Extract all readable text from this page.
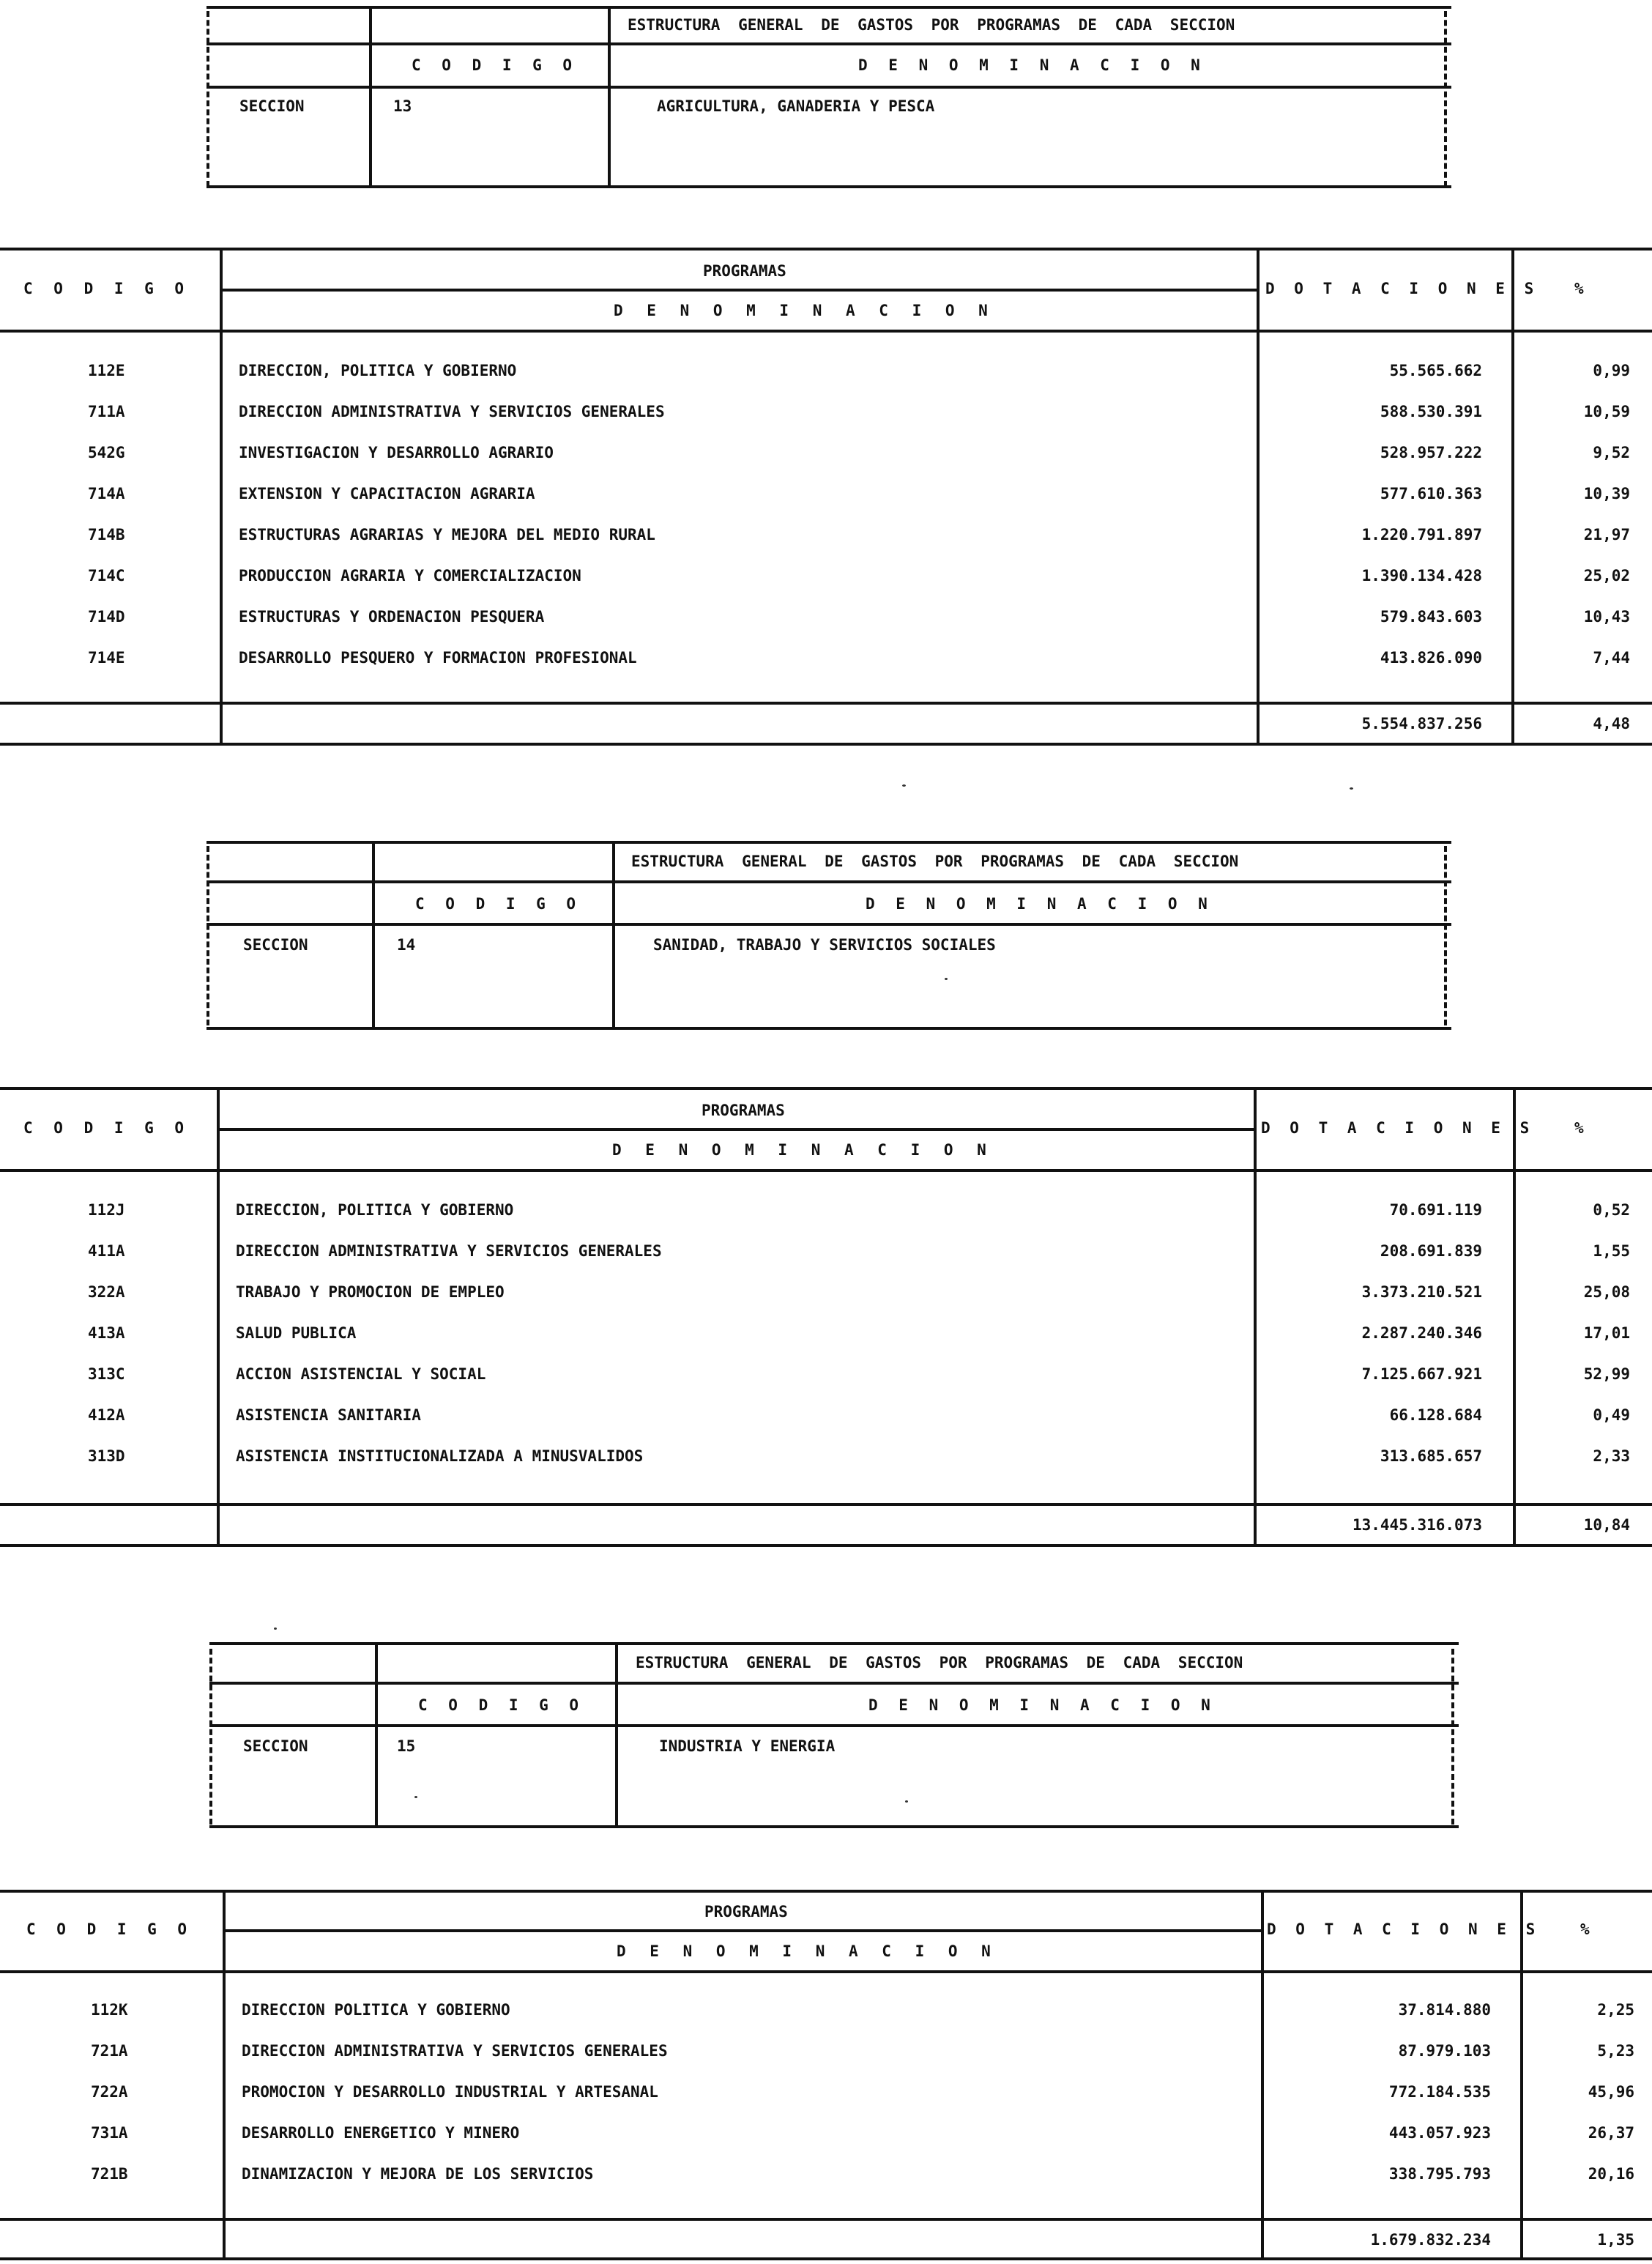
ESTRUCTURA GENERAL DE GASTOS POR PROGRAMAS DE CADA SECCION
C O D I G O	D E N O M I N A C I O N
SECCION	13	AGRICULTURA, GANADERIA Y PESCA
C O D I G O
PROGRAMAS
D E N O M I N A C I O N
D O T A C I O N E S %
112E	DIRECCION, POLITICA Y GOBIERNO	55.565.662	0,99
711A	DIRECCION ADMINISTRATIVA Y SERVICIOS GENERALES	588.530.391	10,59
542G	INVESTIGACION Y DESARROLLO AGRARIO	528.957.222	9,52
714A	EXTENSION Y CAPACITACION AGRARIA	577.610.363	10,39
714B	ESTRUCTURAS AGRARIAS Y MEJORA DEL MEDIO RURAL	1.220.791.897	21,97
714C	PRODUCCION AGRARIA Y COMERCIALIZACION	1.390.134.428	25,02
714D	ESTRUCTURAS Y ORDENACION PESQUERA	579.843.603	10,43
714E	DESARROLLO PESQUERO Y FORMACION PROFESIONAL	413.826.090	7,44
5.554.837.256	4,48
ESTRUCTURA GENERAL DE GASTOS POR PROGRAMAS DE CADA SECCION
C O D I G O	D E N O M I N A C I O N
SECCION	14	SANIDAD, TRABAJO Y SERVICIOS SOCIALES
C O D I G O
PROGRAMAS
D E N O M I N A C I O N
D O T A C I O N E S	%
112J	DIRECCION, POLITICA Y GOBIERNO	70.691.119	0,52
411A	DIRECCION ADMINISTRATIVA Y SERVICIOS GENERALES	208.691.839	1,55
322A	TRABAJO Y PROMOCION DE EMPLEO	3.373.210.521	25,08
413A	SALUD PUBLICA	2.287.240.346	17,01
313C	ACCION ASISTENCIAL Y SOCIAL	7.125.667.921	52,99
412A	ASISTENCIA SANITARIA	66.128.684	0,49
313D	ASISTENCIA INSTITUCIONALIZADA A MINUSVALIDOS	313.685.657	2,33
13.445.316.073	10,84
ESTRUCTURA GENERAL DE GASTOS POR PROGRAMAS DE CADA SECCION
C O D I G O	D E N O M I N A C I O N
SECCION	15	INDUSTRIA Y ENERGIA
C O D I G O
PROGRAMAS
D E N O M I N A C I O N
D O T A C I O N E S	%
112K	DIRECCION POLITICA Y GOBIERNO	37.814.880	2,25
721A	DIRECCION ADMINISTRATIVA Y SERVICIOS GENERALES	87.979.103	5,23
722A	PROMOCION Y DESARROLLO INDUSTRIAL Y ARTESANAL	772.184.535	45,96
731A	DESARROLLO ENERGETICO Y MINERO	443.057.923	26,37
721B	DINAMIZACION Y MEJORA DE LOS SERVICIOS	338.795.793	20,16
1.679.832.234	1,35
